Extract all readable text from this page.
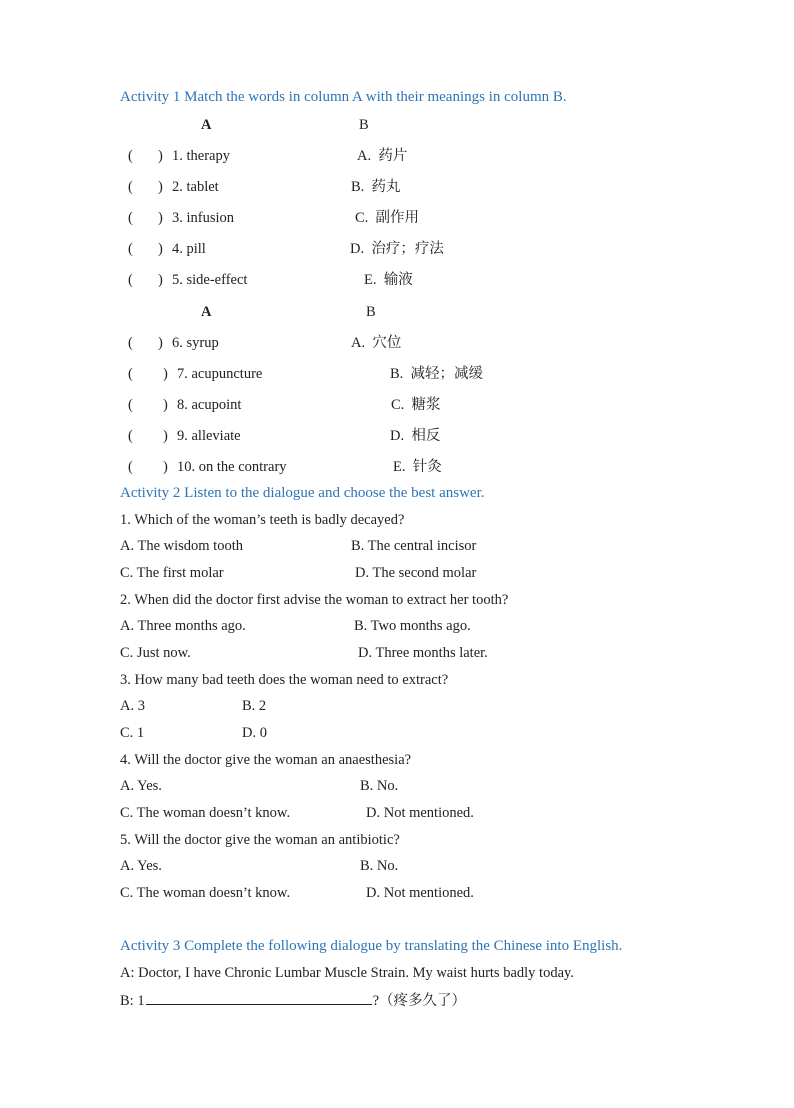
Activity 1 Match the words in column A with their meanings in column B.
A	B
( ) 1. therapy	A.  药片
( ) 2. tablet	B.  药丸
( ) 3. infusion	C.  副作用
( ) 4. pill	D.  治疗；疗法
( ) 5. side-effect	E.  输液
A	B
( ) 6. syrup	A.  穴位
( ) 7. acupuncture	B.  减轻；减缓
( ) 8. acupoint	C.  糖浆
( ) 9. alleviate	D.  相反
( ) 10. on the contrary	E.  针灸
Activity 2 Listen to the dialogue and choose the best answer.
1. Which of the woman’s teeth is badly decayed?
A. The wisdom tooth	B. The central incisor
C. The first molar	D. The second molar
2. When did the doctor first advise the woman to extract her tooth?
A. Three months ago.	B. Two months ago.
C. Just now.	D. Three months later.
3. How many bad teeth does the woman need to extract?
A. 3	B. 2
C. 1	D. 0
4. Will the doctor give the woman an anaesthesia?
A. Yes.	B. No.
C. The woman doesn’t know.	D. Not mentioned.
5. Will the doctor give the woman an antibiotic?
A. Yes.	B. No.
C. The woman doesn’t know.	D. Not mentioned.
Activity 3 Complete the following dialogue by translating the Chinese into English.
A: Doctor, I have Chronic Lumbar Muscle Strain. My waist hurts badly today.
B: 1	?（疼多久了）
